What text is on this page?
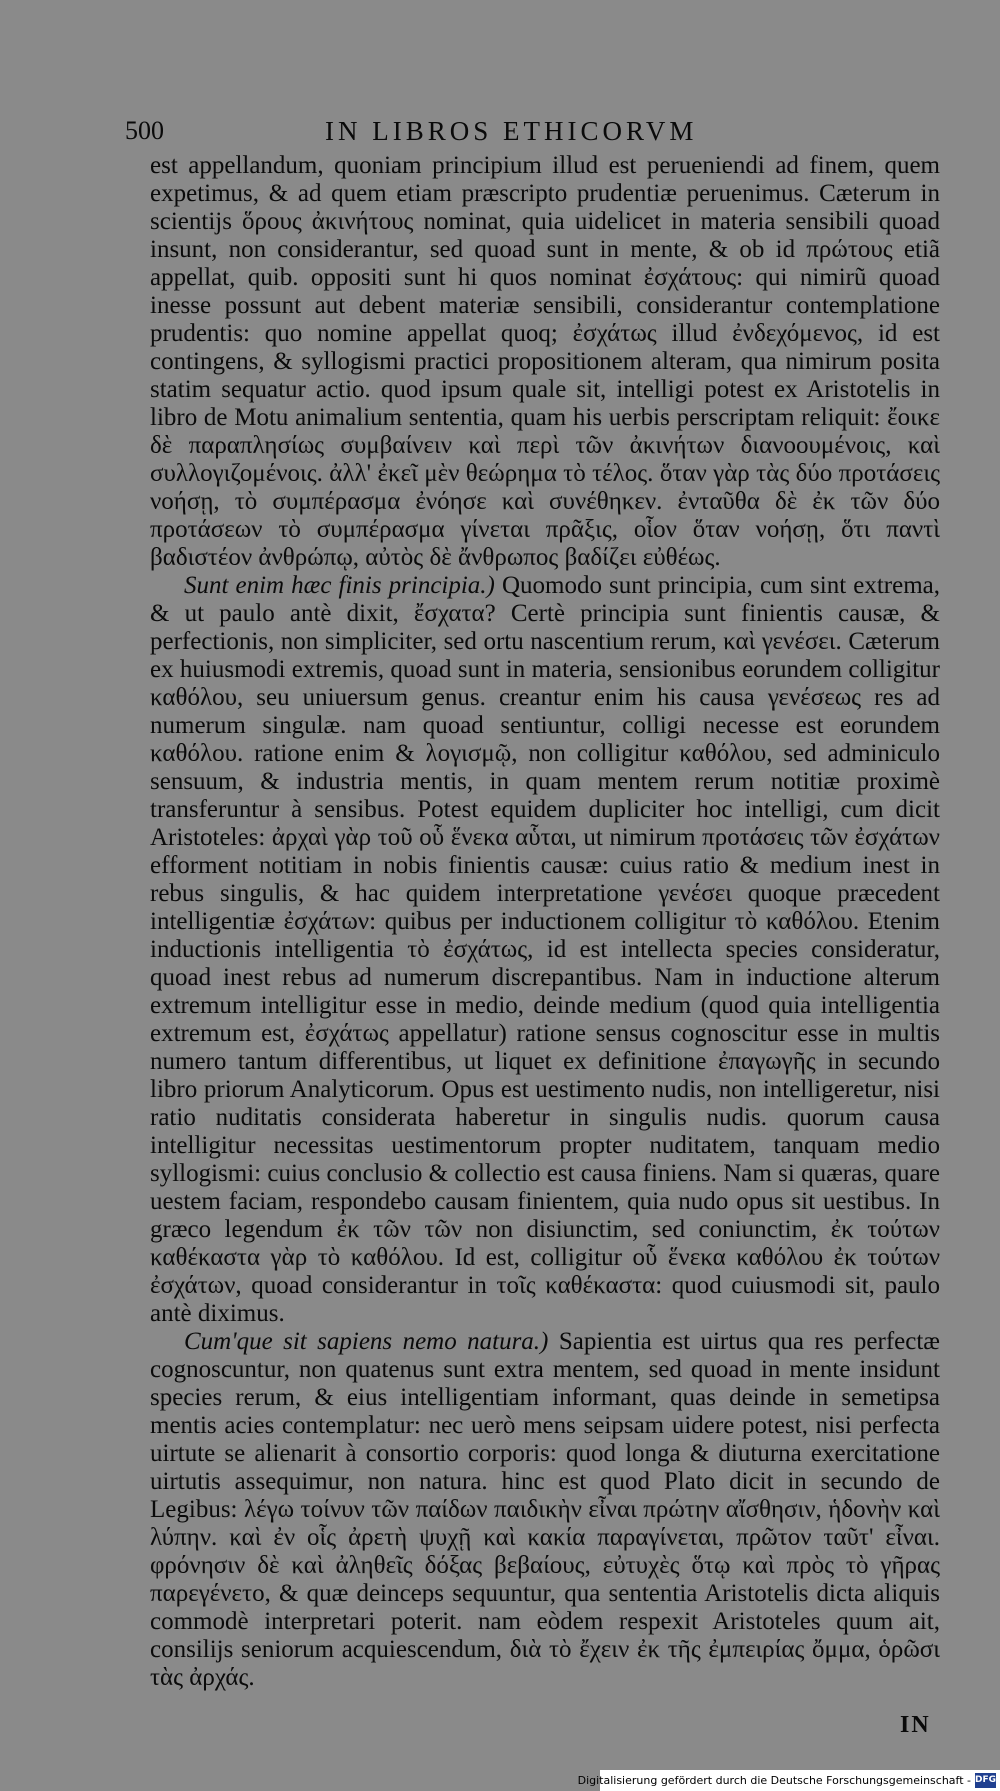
500	IN LIBROS ETHICORVM

est appellandum, quoniam principium illud est perueniendi ad finem, quem expetimus, & ad quem etiam præscripto prudentiæ peruenimus. Cæterum in scientijs ὅρους ἀκινήτους nominat, quia uidelicet in materia sensibili quoad insunt, non considerantur, sed quoad sunt in mente, & ob id πρώτους etiã appellat, quib. oppositi sunt hi quos nominat ἐσχάτους: qui nimirũ quoad inesse possunt aut debent materiæ sensibili, considerantur contemplatione prudentis: quo nomine appellat quoq; ἐσχάτως illud ἐνδεχόμενος, id est contingens, & syllogismi practici propositionem alteram, qua nimirum posita statim sequatur actio. quod ipsum quale sit, intelligi potest ex Aristotelis in libro de Motu animalium sententia, quam his uerbis perscriptam reliquit: ἔοικε δὲ παραπλησίως συμβαίνειν καὶ περὶ τῶν ἀκινήτων διανοουμένοις, καὶ συλλογιζομένοις. ἀλλ' ἐκεῖ μὲν θεώρημα τὸ τέλος. ὅταν γὰρ τὰς δύο προτάσεις νοήσῃ, τὸ συμπέρασμα ἐνόησε καὶ συνέθηκεν. ἐνταῦθα δὲ ἐκ τῶν δύο προτάσεων τὸ συμπέρασμα γίνεται πρᾶξις, οἷον ὅταν νοήσῃ, ὅτι παντὶ βαδιστέον ἀνθρώπῳ, αὐτὸς δὲ ἄνθρωπος βαδίζει εὐθέως.

Sunt enim hæc finis principia.) Quomodo sunt principia, cum sint extrema, & ut paulo antè dixit, ἔσχατα? Certè principia sunt finientis causæ, & perfectionis, non simpliciter, sed ortu nascentium rerum, καὶ γενέσει. Cæterum ex huiusmodi extremis, quoad sunt in materia, sensionibus eorundem colligitur καθόλου, seu uniuersum genus. creantur enim his causa γενέσεως res ad numerum singulæ. nam quoad sentiuntur, colligi necesse est eorundem καθόλου. ratione enim & λογισμῷ, non colligitur καθόλου, sed adminiculo sensuum, & industria mentis, in quam mentem rerum notitiæ proximè transferuntur à sensibus. Potest equidem dupliciter hoc intelligi, cum dicit Aristoteles: ἀρχαὶ γὰρ τοῦ οὗ ἕνεκα αὗται, ut nimirum προτάσεις τῶν ἐσχάτων efforment notitiam in nobis finientis causæ: cuius ratio & medium inest in rebus singulis, & hac quidem interpretatione γενέσει quoque præcedent intelligentiæ ἐσχάτων: quibus per inductionem colligitur τὸ καθόλου. Etenim inductionis intelligentia τὸ ἐσχάτως, id est intellecta species consideratur, quoad inest rebus ad numerum discrepantibus. Nam in inductione alterum extremum intelligitur esse in medio, deinde medium (quod quia intelligentia extremum est, ἐσχάτως appellatur) ratione sensus cognoscitur esse in multis numero tantum differentibus, ut liquet ex definitione ἐπαγωγῆς in secundo libro priorum Analyticorum. Opus est uestimento nudis, non intelligeretur, nisi ratio nuditatis considerata haberetur in singulis nudis. quorum causa intelligitur necessitas uestimentorum propter nuditatem, tanquam medio syllogismi: cuius conclusio & collectio est causa finiens. Nam si quæras, quare uestem faciam, respondebo causam finientem, quia nudo opus sit uestibus. In græco legendum ἐκ τῶν τῶν non disiunctim, sed coniunctim, ἐκ τούτων καθέκαστα γὰρ τὸ καθόλου. Id est, colligitur οὗ ἕνεκα καθόλου ἐκ τούτων ἐσχάτων, quoad considerantur in τοῖς καθέκαστα: quod cuiusmodi sit, paulo antè diximus.

Cum'que sit sapiens nemo natura.) Sapientia est uirtus qua res perfectæ cognoscuntur, non quatenus sunt extra mentem, sed quoad in mente insidunt species rerum, & eius intelligentiam informant, quas deinde in semetipsa mentis acies contemplatur: nec uerò mens seipsam uidere potest, nisi perfecta uirtute se alienarit à consortio corporis: quod longa & diuturna exercitatione uirtutis assequimur, non natura. hinc est quod Plato dicit in secundo de Legibus: λέγω τοίνυν τῶν παίδων παιδικὴν εἶναι πρώτην αἴσθησιν, ἡδονὴν καὶ λύπην. καὶ ἐν οἷς ἀρετὴ ψυχῇ καὶ κακία παραγίνεται, πρῶτον ταῦτ' εἶναι. φρόνησιν δὲ καὶ ἀληθεῖς δόξας βεβαίους, εὐτυχὲς ὅτῳ καὶ πρὸς τὸ γῆρας παρεγένετο, & quæ deinceps sequuntur, qua sententia Aristotelis dicta aliquis commodè interpretari poterit. nam eòdem respexit Aristoteles quum ait, consilijs seniorum acquiescendum, διὰ τὸ ἔχειν ἐκ τῆς ἐμπειρίας ὄμμα, ὁρῶσι τὰς ἀρχάς.

IN
Digitalisierung gefördert durch die Deutsche Forschungsgemeinschaft - DFG
